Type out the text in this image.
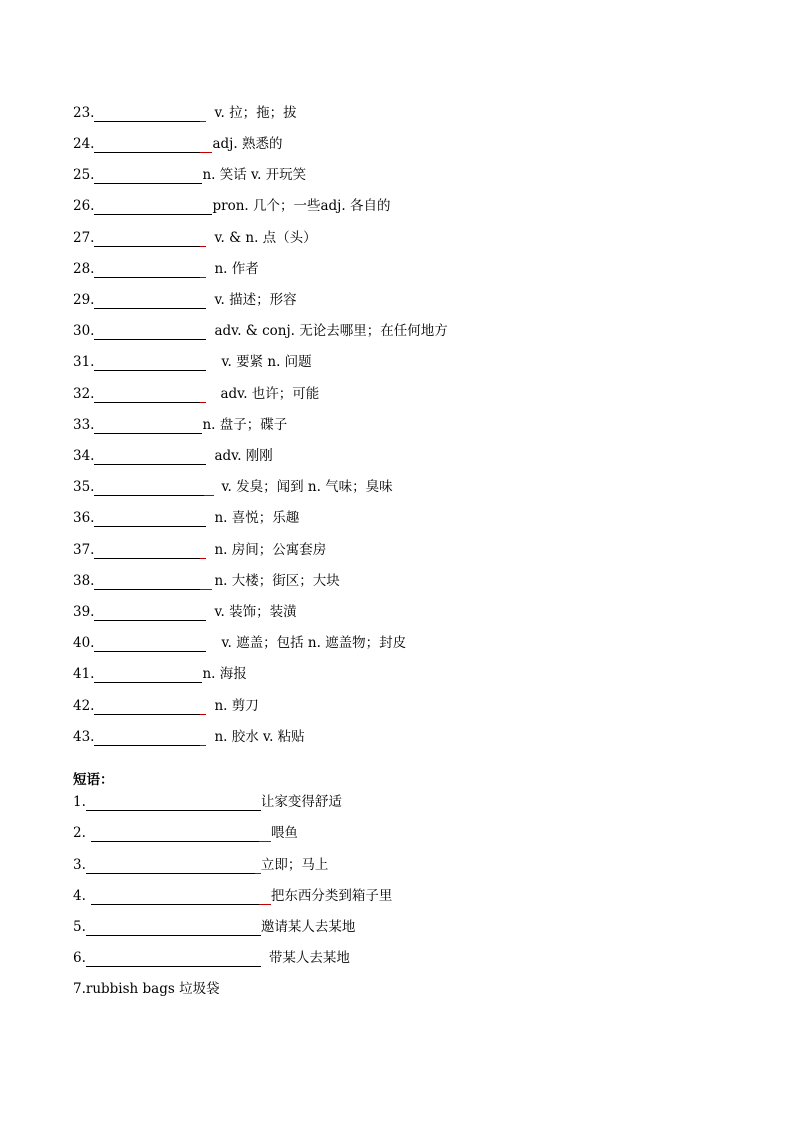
23.	v. 拉；拖；拔
24.	adj. 熟悉的
25.	n. 笑话 v. 开玩笑
26.	pron. 几个；一些adj. 各自的
27.	v. & n. 点（头）
28.	n. 作者
29.	v. 描述；形容
30.	adv. & conj. 无论去哪里；在任何地方
31.	v. 要紧 n. 问题
32.	adv. 也许；可能
33.	n. 盘子；碟子
34.	adv. 刚刚
35.	v. 发臭；闻到 n. 气味；臭味
36.	n. 喜悦；乐趣
37.	n. 房间；公寓套房
38.	n. 大楼；街区；大块
39.	v. 装饰；装潢
40.	v. 遮盖；包括 n. 遮盖物；封皮
41.	n. 海报
42.	n. 剪刀
43.	n. 胶水 v. 粘贴
短语：
1.	让家变得舒适
2.	喂鱼
3.	立即；马上
4.	把东西分类到箱子里
5.	邀请某人去某地
6.	带某人去某地
7.rubbish bags 垃圾袋
